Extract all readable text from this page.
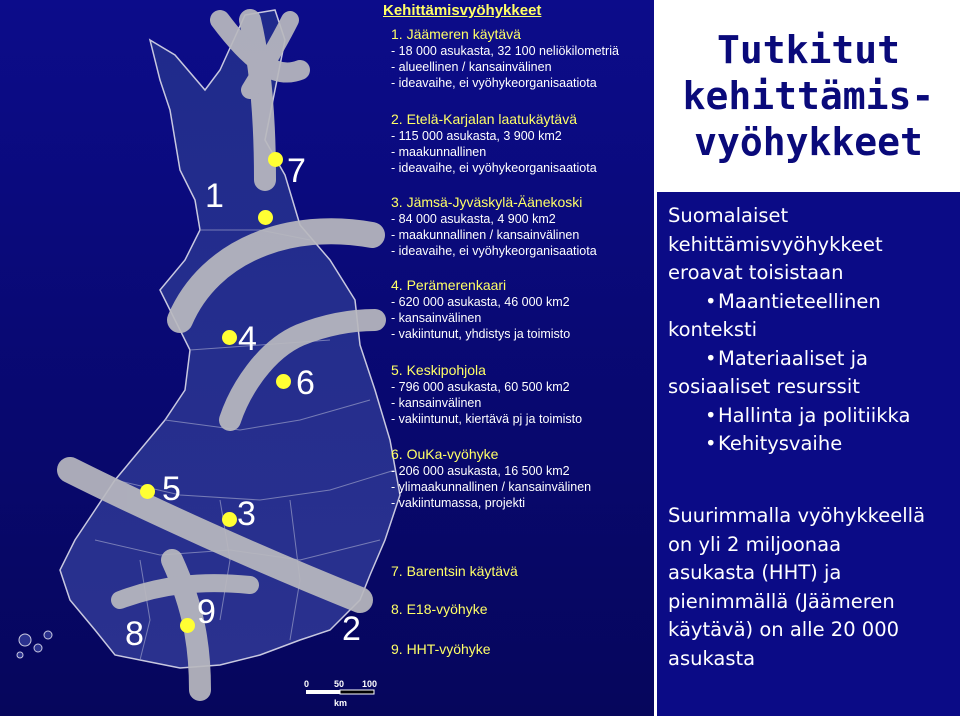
1
2
3
4
5
6
7
8
9
0	50 100
km
Kehittämisvyöhykkeet
1. Jäämeren käytävä
- 18 000 asukasta, 32 100 neliökilometriä
- alueellinen / kansainvälinen
- ideavaihe, ei vyöhykeorganisaatiota
2. Etelä-Karjalan laatukäytävä
- 115 000 asukasta, 3 900 km2
- maakunnallinen
- ideavaihe, ei vyöhykeorganisaatiota
3. Jämsä-Jyväskylä-Äänekoski
- 84 000 asukasta, 4 900 km2
- maakunnallinen / kansainvälinen
- ideavaihe, ei vyöhykeorganisaatiota
4. Perämerenkaari
- 620 000 asukasta, 46 000 km2
- kansainvälinen
- vakiintunut, yhdistys ja toimisto
5. Keskipohjola
- 796 000 asukasta, 60 500 km2
- kansainvälinen
- vakiintunut, kiertävä pj ja toimisto
6. OuKa-vyöhyke
- 206 000 asukasta, 16 500 km2
- ylimaakunnallinen / kansainvälinen
- vakiintumassa, projekti
7. Barentsin käytävä
8. E18-vyöhyke
9. HHT-vyöhyke
Tutkitut
kehittämis-
vyöhykkeet
Suomalaiset
kehittämisvyöhykkeet
eroavat toisistaan
• Maantieteellinen
konteksti
• Materiaaliset ja
sosiaaliset resurssit
• Hallinta ja politiikka
• Kehitysvaihe
Suurimmalla vyöhykkeellä
on yli 2 miljoonaa
asukasta (HHT) ja
pienimmällä (Jäämeren
käytävä) on alle 20 000
asukasta
